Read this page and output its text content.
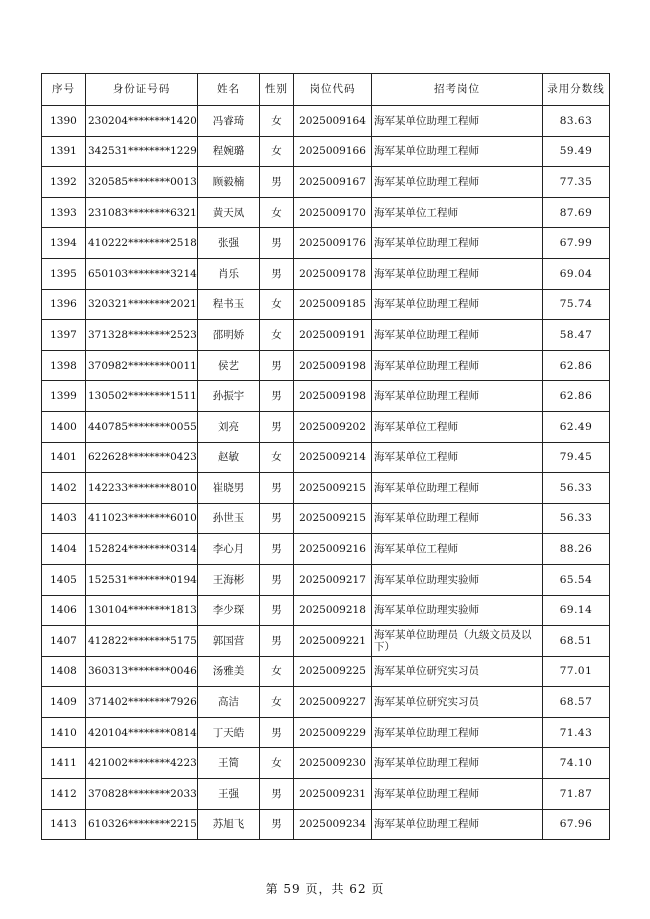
序号	身份证号码	姓名	性别	岗位代码	招考岗位	录用分数线
1390	230204********1420	冯睿琦	女	2025009164	海军某单位助理工程师	83.63
1391	342531********1229	程婉璐	女	2025009166	海军某单位助理工程师	59.49
1392	320585********0013	顾毅楠	男	2025009167	海军某单位助理工程师	77.35
1393	231083********6321	黄天凤	女	2025009170	海军某单位工程师	87.69
1394	410222********2518	张强	男	2025009176	海军某单位助理工程师	67.99
1395	650103********3214	肖乐	男	2025009178	海军某单位助理工程师	69.04
1396	320321********2021	程书玉	女	2025009185	海军某单位助理工程师	75.74
1397	371328********2523	邵明娇	女	2025009191	海军某单位助理工程师	58.47
1398	370982********0011	侯艺	男	2025009198	海军某单位助理工程师	62.86
1399	130502********1511	孙振宇	男	2025009198	海军某单位助理工程师	62.86
1400	440785********0055	刘亮	男	2025009202	海军某单位工程师	62.49
1401	622628********0423	赵敏	女	2025009214	海军某单位工程师	79.45
1402	142233********8010	崔晓男	男	2025009215	海军某单位助理工程师	56.33
1403	411023********6010	孙世玉	男	2025009215	海军某单位助理工程师	56.33
1404	152824********0314	李心月	男	2025009216	海军某单位工程师	88.26
1405	152531********0194	王海彬	男	2025009217	海军某单位助理实验师	65.54
1406	130104********1813	李少琛	男	2025009218	海军某单位助理实验师	69.14
1407	412822********5175	郭国营	男	2025009221	海军某单位助理员（九级文员及以下）	68.51
1408	360313********0046	汤雅美	女	2025009225	海军某单位研究实习员	77.01
1409	371402********7926	高洁	女	2025009227	海军某单位研究实习员	68.57
1410	420104********0814	丁天皓	男	2025009229	海军某单位助理工程师	71.43
1411	421002********4223	王简	女	2025009230	海军某单位助理工程师	74.10
1412	370828********2033	王强	男	2025009231	海军某单位助理工程师	71.87
1413	610326********2215	苏旭飞	男	2025009234	海军某单位助理工程师	67.96
第 59 页，共 62 页
